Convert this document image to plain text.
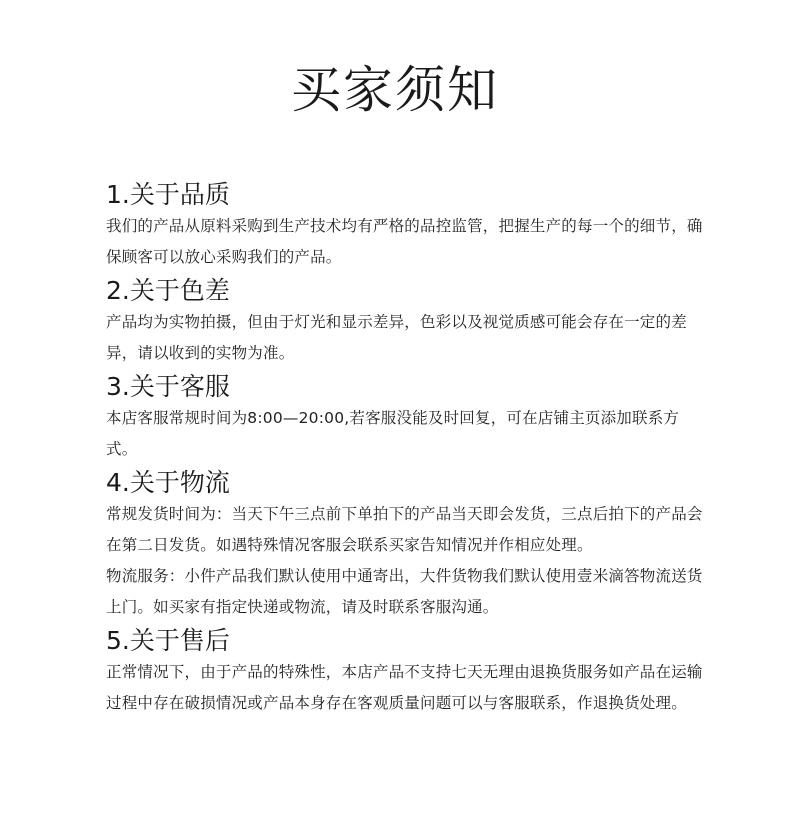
买家须知
1.关于品质

我们的产品从原料采购到生产技术均有严格的品控监管，把握生产的每一个的细节，确保顾客可以放心采购我们的产品。

2.关于色差

产品均为实物拍摄，但由于灯光和显示差异，色彩以及视觉质感可能会存在一定的差异，请以收到的实物为准。

3.关于客服

本店客服常规时间为8:00—20:00,若客服没能及时回复，可在店铺主页添加联系方式。

4.关于物流

常规发货时间为：当天下午三点前下单拍下的产品当天即会发货，三点后拍下的产品会在第二日发货。如遇特殊情况客服会联系买家告知情况并作相应处理。

物流服务：小件产品我们默认使用中通寄出，大件货物我们默认使用壹米滴答物流送货上门。如买家有指定快递或物流，请及时联系客服沟通。

5.关于售后

正常情况下，由于产品的特殊性，本店产品不支持七天无理由退换货服务如产品在运输过程中存在破损情况或产品本身存在客观质量问题可以与客服联系，作退换货处理。
